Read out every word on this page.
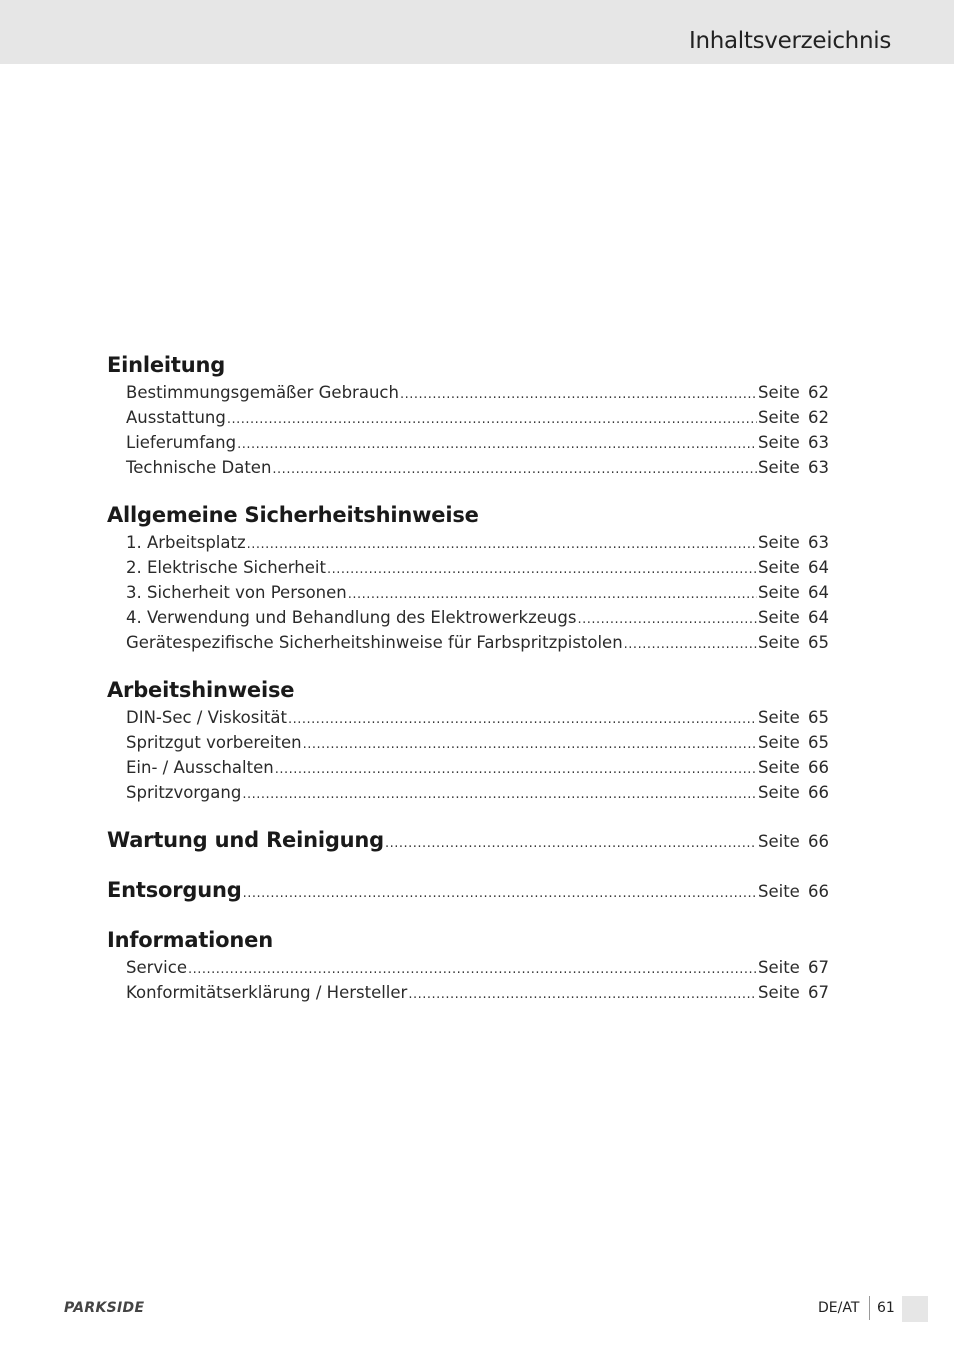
Inhaltsverzeichnis
Einleitung
Bestimmungsgemäßer Gebrauch .....	Seite 62
Ausstattung .....	Seite 62
Lieferumfang .....	Seite 63
Technische Daten .....	Seite 63
Allgemeine Sicherheitshinweise
1. Arbeitsplatz .....	Seite 63
2. Elektrische Sicherheit .....	Seite 64
3. Sicherheit von Personen .....	Seite 64
4. Verwendung und Behandlung des Elektrowerkzeugs .....	Seite 64
Gerätespezifische Sicherheitshinweise für Farbspritzpistolen .....	Seite 65
Arbeitshinweise
DIN-Sec / Viskosität .....	Seite 65
Spritzgut vorbereiten .....	Seite 65
Ein- / Ausschalten .....	Seite 66
Spritzvorgang .....	Seite 66
Wartung und Reinigung .....	Seite 66
Entsorgung .....	Seite 66
Informationen
Service .....	Seite 67
Konformitätserklärung / Hersteller .....	Seite 67
PARKSIDE	DE/AT 61
